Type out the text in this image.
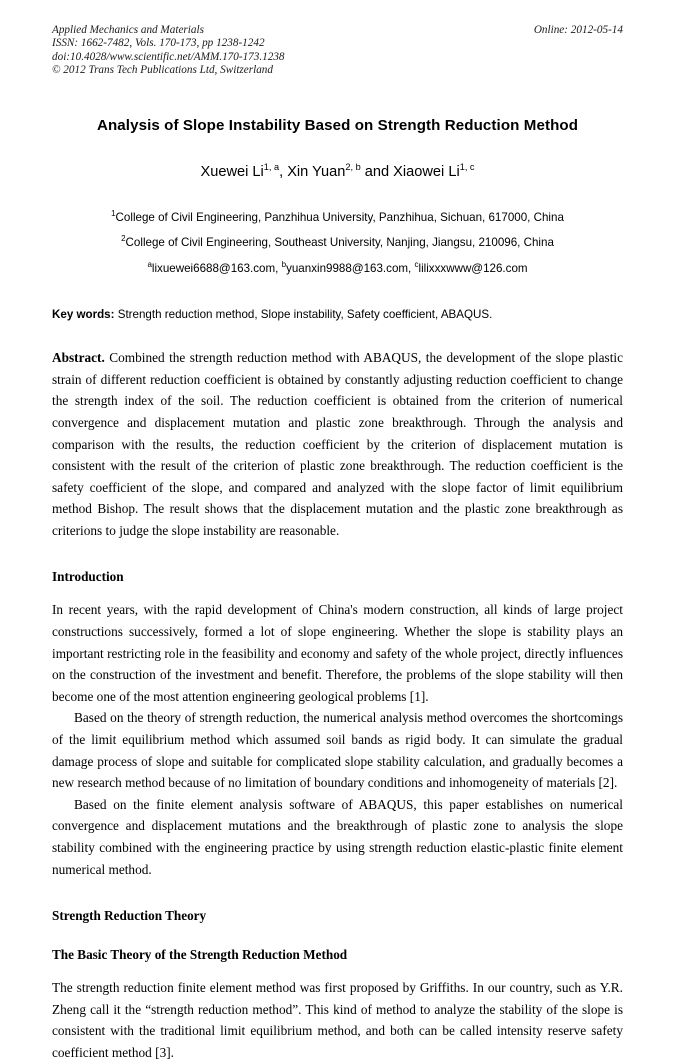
Applied Mechanics and Materials
ISSN: 1662-7482, Vols. 170-173, pp 1238-1242
doi:10.4028/www.scientific.net/AMM.170-173.1238
© 2012 Trans Tech Publications Ltd, Switzerland
Online: 2012-05-14
Analysis of Slope Instability Based on Strength Reduction Method
Xuewei Li$^{1, a}$, Xin Yuan$^{2, b}$ and Xiaowei Li$^{1, c}$
$^1$College of Civil Engineering, Panzhihua University, Panzhihua, Sichuan, 617000, China
$^2$College of Civil Engineering, Southeast University, Nanjing, Jiangsu, 210096, China
$^a$lixuewei6688@163.com, $^b$yuanxin9988@163.com, $^c$lilixxxwww@126.com
Key words: Strength reduction method, Slope instability, Safety coefficient, ABAQUS.
Abstract. Combined the strength reduction method with ABAQUS, the development of the slope plastic strain of different reduction coefficient is obtained by constantly adjusting reduction coefficient to change the strength index of the soil. The reduction coefficient is obtained from the criterion of numerical convergence and displacement mutation and plastic zone breakthrough. Through the analysis and comparison with the results, the reduction coefficient by the criterion of displacement mutation is consistent with the result of the criterion of plastic zone breakthrough. The reduction coefficient is the safety coefficient of the slope, and compared and analyzed with the slope factor of limit equilibrium method Bishop. The result shows that the displacement mutation and the plastic zone breakthrough as criterions to judge the slope instability are reasonable.
Introduction

In recent years, with the rapid development of China's modern construction, all kinds of large project constructions successively, formed a lot of slope engineering. Whether the slope is stability plays an important restricting role in the feasibility and economy and safety of the whole project, directly influences on the construction of the investment and benefit. Therefore, the problems of the slope stability will then become one of the most attention engineering geological problems [1].

Based on the theory of strength reduction, the numerical analysis method overcomes the shortcomings of the limit equilibrium method which assumed soil bands as rigid body. It can simulate the gradual damage process of slope and suitable for complicated slope stability calculation, and gradually becomes a new research method because of no limitation of boundary conditions and inhomogeneity of materials [2].

Based on the finite element analysis software of ABAQUS, this paper establishes on numerical convergence and displacement mutations and the breakthrough of plastic zone to analysis the slope stability combined with the engineering practice by using strength reduction elastic-plastic finite element numerical method.

Strength Reduction Theory
The Basic Theory of the Strength Reduction Method

The strength reduction finite element method was first proposed by Griffiths. In our country, such as Y.R. Zheng call it the “strength reduction method”. This kind of method to analyze the stability of the slope is consistent with the traditional limit equilibrium method, and both can be called intensity reserve safety coefficient method [3].
